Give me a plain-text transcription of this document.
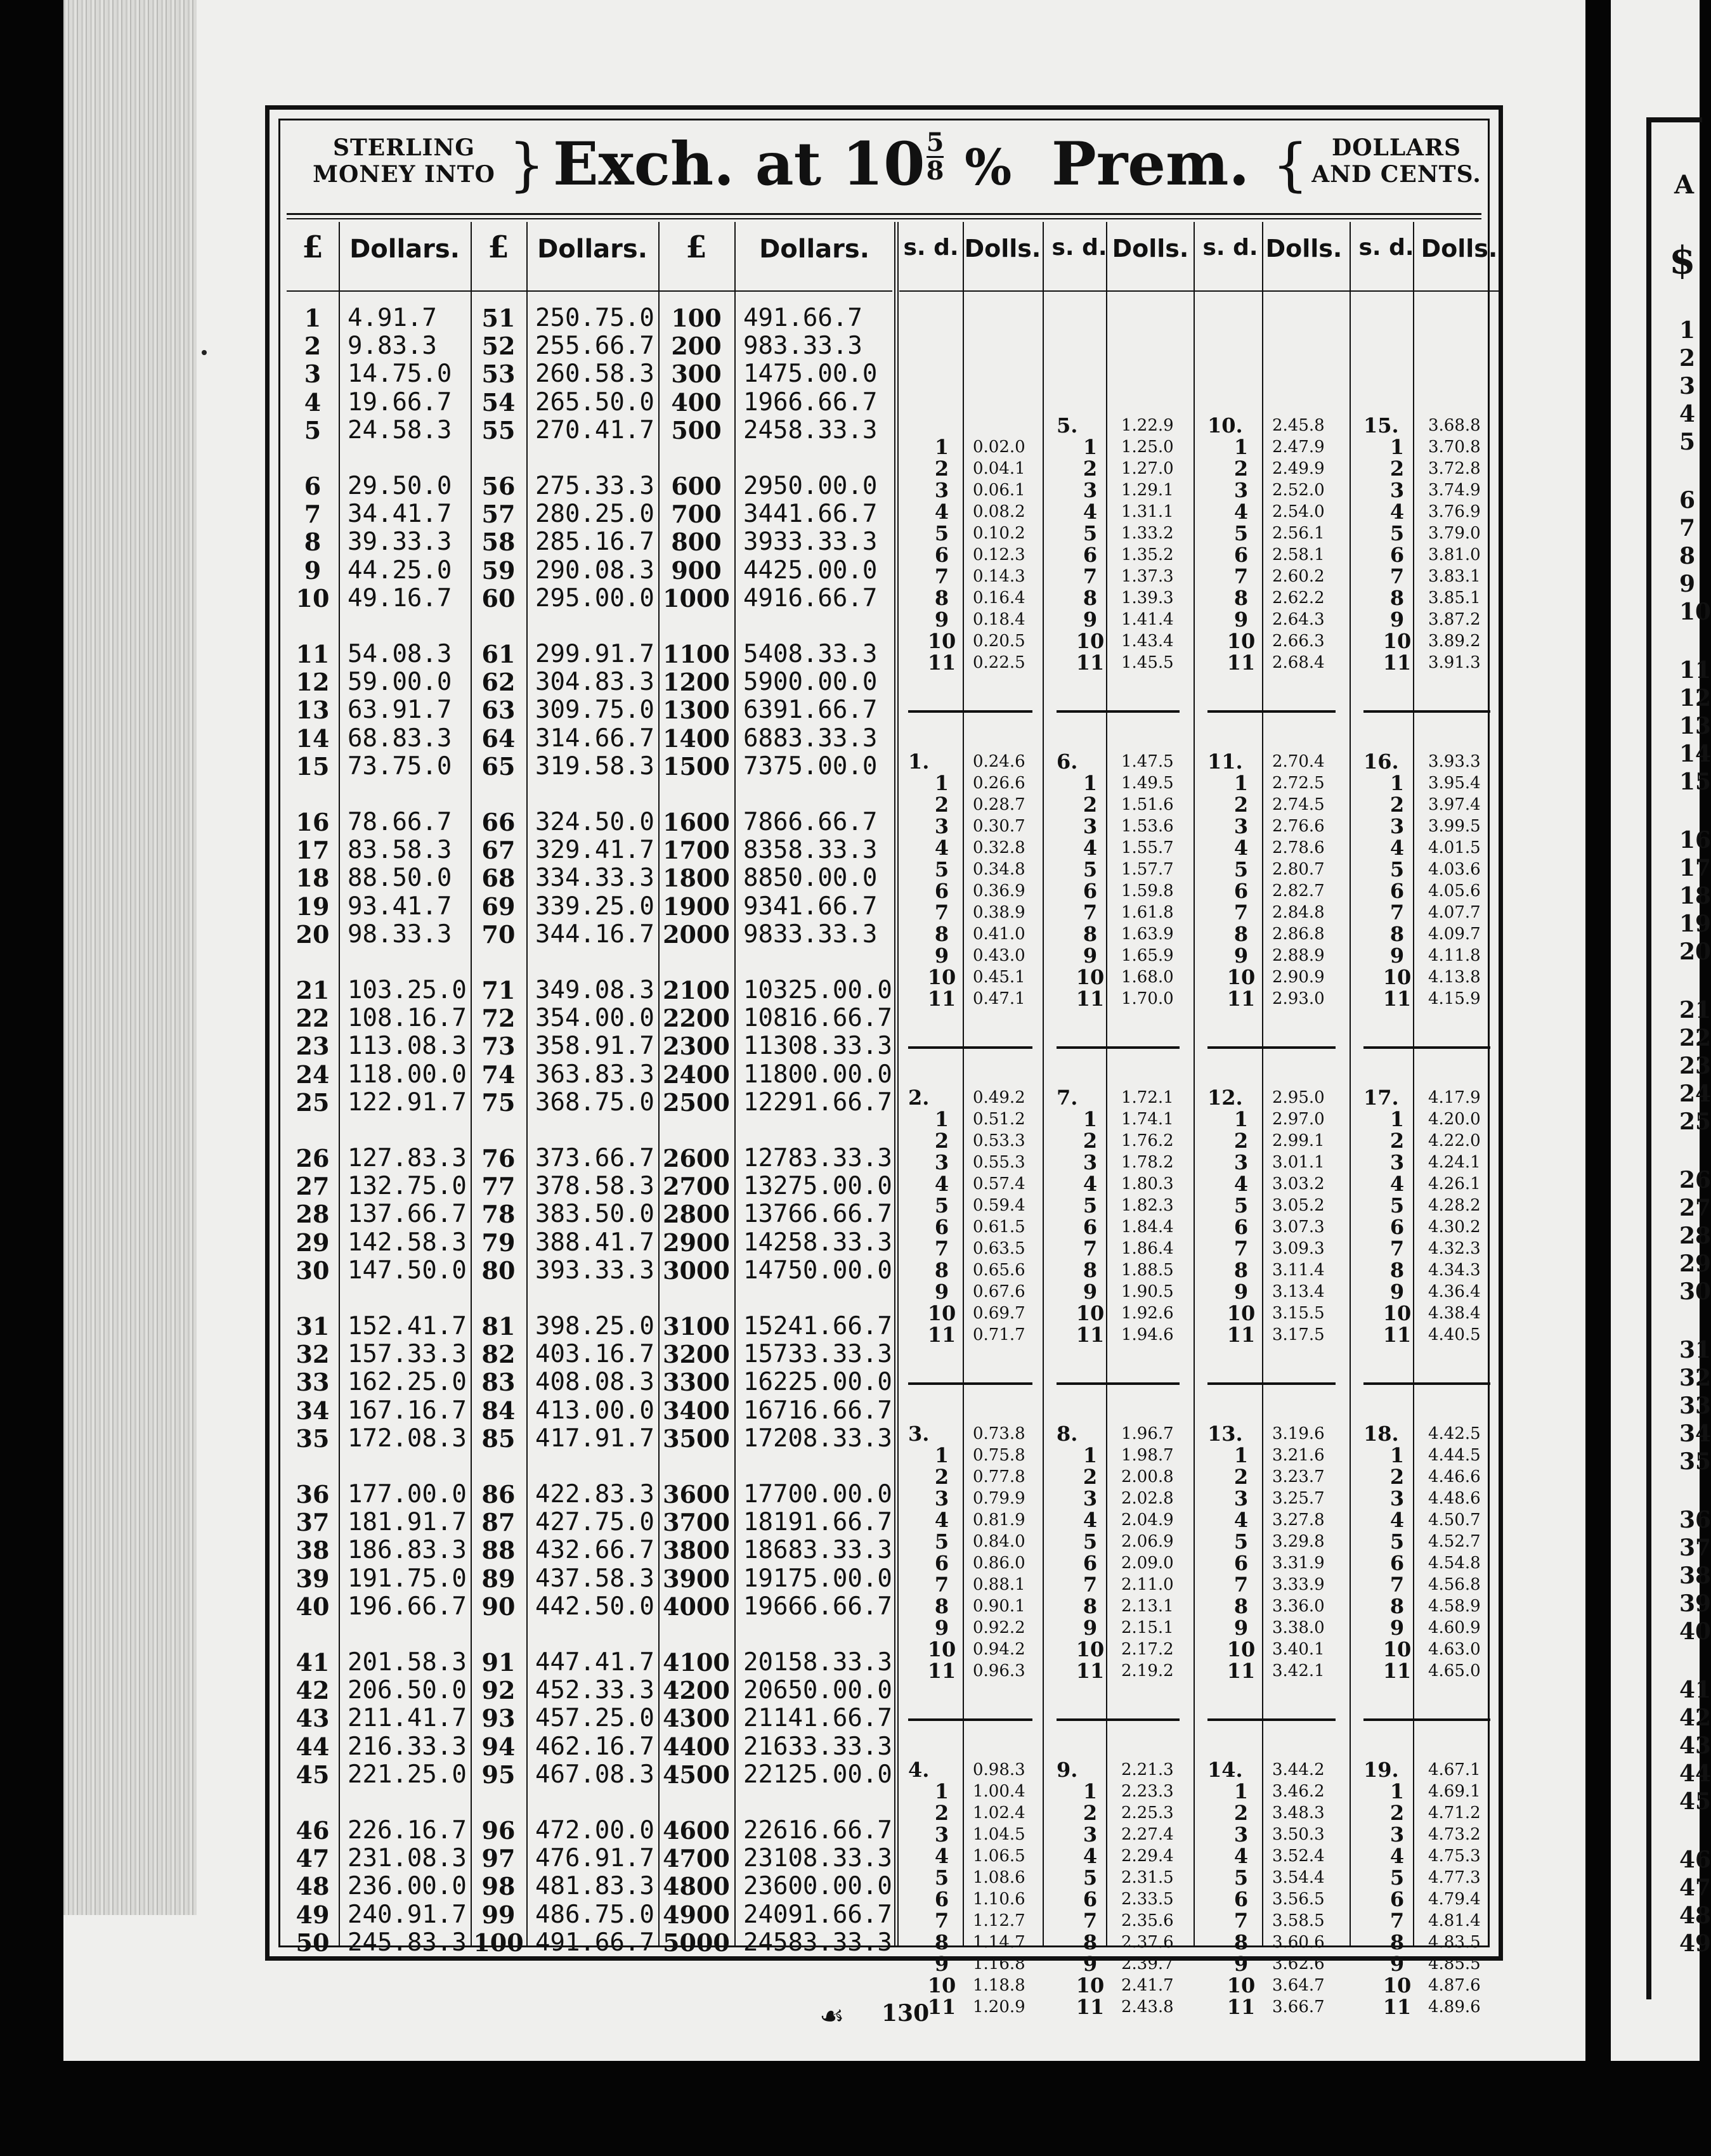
A
$
1
2
3
4
5
6
7
8
9
10
11
12
13
14
15
16
17
18
19
20
21
22
23
24
25
26
27
28
29
30
31
32
33
34
35
36
37
38
39
40
41
42
43
44
45
46
47
48
49
STERLING
MONEY INTO } Exch. at $10 \frac{5}{8}$ % Prem. {	DOLLARS
AND CENTS.
£	Dollars. £	Dollars.	£	Dollars.
1	4.91.7	51 250.75.0 100 491.66.7
2	9.83.3	52 255.66.7 200 983.33.3
3	14.75.0	53 260.58.3 300 1475.00.0
4	19.66.7	54 265.50.0 400 1966.66.7
5	24.58.3	55 270.41.7 500 2458.33.3
6	29.50.0	56 275.33.3 600 2950.00.0
7	34.41.7	57 280.25.0 700 3441.66.7
8	39.33.3	58 285.16.7 800 3933.33.3
9	44.25.0	59 290.08.3 900 4425.00.0
10 49.16.7	60 295.00.0 1000 4916.66.7
11 54.08.3	61 299.91.7 1100 5408.33.3
12 59.00.0	62 304.83.3 1200 5900.00.0
13 63.91.7	63 309.75.0 1300 6391.66.7
14 68.83.3	64 314.66.7 1400 6883.33.3
15 73.75.0	65 319.58.3 1500 7375.00.0
16 78.66.7	66 324.50.0 1600 7866.66.7
17 83.58.3	67 329.41.7 1700 8358.33.3
18 88.50.0	68 334.33.3 1800 8850.00.0
19 93.41.7	69 339.25.0 1900 9341.66.7
20 98.33.3	70 344.16.7 2000 9833.33.3
21 103.25.0 71 349.08.3 2100 10325.00.0
22 108.16.7 72 354.00.0 2200 10816.66.7
23 113.08.3 73 358.91.7 2300 11308.33.3
24 118.00.0 74 363.83.3 2400 11800.00.0
25 122.91.7 75 368.75.0 2500 12291.66.7
26 127.83.3 76 373.66.7 2600 12783.33.3
27 132.75.0 77 378.58.3 2700 13275.00.0
28 137.66.7 78 383.50.0 2800 13766.66.7
29 142.58.3 79 388.41.7 2900 14258.33.3
30 147.50.0 80 393.33.3 3000 14750.00.0
31 152.41.7 81 398.25.0 3100 15241.66.7
32 157.33.3 82 403.16.7 3200 15733.33.3
33 162.25.0 83 408.08.3 3300 16225.00.0
34 167.16.7 84 413.00.0 3400 16716.66.7
35 172.08.3 85 417.91.7 3500 17208.33.3
36 177.00.0 86 422.83.3 3600 17700.00.0
37 181.91.7 87 427.75.0 3700 18191.66.7
38 186.83.3 88 432.66.7 3800 18683.33.3
39 191.75.0 89 437.58.3 3900 19175.00.0
40 196.66.7 90 442.50.0 4000 19666.66.7
41 201.58.3 91 447.41.7 4100 20158.33.3
42 206.50.0 92 452.33.3 4200 20650.00.0
43 211.41.7 93 457.25.0 4300 21141.66.7
44 216.33.3 94 462.16.7 4400 21633.33.3
45 221.25.0 95 467.08.3 4500 22125.00.0
46 226.16.7 96 472.00.0 4600 22616.66.7
47 231.08.3 97 476.91.7 4700 23108.33.3
48 236.00.0 98 481.83.3 4800 23600.00.0
49 240.91.7 99 486.75.0 4900 24091.66.7
50 245.83.3 100 491.66.7 5000 24583.33.3
s. d. Dolls. s. d. Dolls. s. d. Dolls. s. d. Dolls.
1	0.02.0
2	0.04.1
3	0.06.1
4	0.08.2
5	0.10.2
6	0.12.3
7	0.14.3
8	0.16.4
9	0.18.4
10 0.20.5
11 0.22.5
5.	1.22.9
1	1.25.0
2	1.27.0
3	1.29.1
4	1.31.1
5	1.33.2
6	1.35.2
7	1.37.3
8	1.39.3
9	1.41.4
10 1.43.4
11 1.45.5
10. 2.45.8
1	2.47.9
2	2.49.9
3	2.52.0
4	2.54.0
5	2.56.1
6	2.58.1
7	2.60.2
8	2.62.2
9	2.64.3
10 2.66.3
11 2.68.4
15. 3.68.8
1	3.70.8
2	3.72.8
3	3.74.9
4	3.76.9
5	3.79.0
6	3.81.0
7	3.83.1
8	3.85.1
9	3.87.2
10 3.89.2
11 3.91.3
1.	0.24.6
1	0.26.6
2	0.28.7
3	0.30.7
4	0.32.8
5	0.34.8
6	0.36.9
7	0.38.9
8	0.41.0
9	0.43.0
10 0.45.1
11 0.47.1
6.	1.47.5
1	1.49.5
2	1.51.6
3	1.53.6
4	1.55.7
5	1.57.7
6	1.59.8
7	1.61.8
8	1.63.9
9	1.65.9
10 1.68.0
11 1.70.0
11. 2.70.4
1	2.72.5
2	2.74.5
3	2.76.6
4	2.78.6
5	2.80.7
6	2.82.7
7	2.84.8
8	2.86.8
9	2.88.9
10 2.90.9
11 2.93.0
16. 3.93.3
1	3.95.4
2	3.97.4
3	3.99.5
4	4.01.5
5	4.03.6
6	4.05.6
7	4.07.7
8	4.09.7
9	4.11.8
10 4.13.8
11 4.15.9
2.	0.49.2
1	0.51.2
2	0.53.3
3	0.55.3
4	0.57.4
5	0.59.4
6	0.61.5
7	0.63.5
8	0.65.6
9	0.67.6
10 0.69.7
11 0.71.7
7.	1.72.1
1	1.74.1
2	1.76.2
3	1.78.2
4	1.80.3
5	1.82.3
6	1.84.4
7	1.86.4
8	1.88.5
9	1.90.5
10 1.92.6
11 1.94.6
12. 2.95.0
1	2.97.0
2	2.99.1
3	3.01.1
4	3.03.2
5	3.05.2
6	3.07.3
7	3.09.3
8	3.11.4
9	3.13.4
10 3.15.5
11 3.17.5
17. 4.17.9
1	4.20.0
2	4.22.0
3	4.24.1
4	4.26.1
5	4.28.2
6	4.30.2
7	4.32.3
8	4.34.3
9	4.36.4
10 4.38.4
11 4.40.5
3.	0.73.8
1	0.75.8
2	0.77.8
3	0.79.9
4	0.81.9
5	0.84.0
6	0.86.0
7	0.88.1
8	0.90.1
9	0.92.2
10 0.94.2
11 0.96.3
8.	1.96.7
1	1.98.7
2	2.00.8
3	2.02.8
4	2.04.9
5	2.06.9
6	2.09.0
7	2.11.0
8	2.13.1
9	2.15.1
10 2.17.2
11 2.19.2
13. 3.19.6
1	3.21.6
2	3.23.7
3	3.25.7
4	3.27.8
5	3.29.8
6	3.31.9
7	3.33.9
8	3.36.0
9	3.38.0
10 3.40.1
11 3.42.1
18. 4.42.5
1	4.44.5
2	4.46.6
3	4.48.6
4	4.50.7
5	4.52.7
6	4.54.8
7	4.56.8
8	4.58.9
9	4.60.9
10 4.63.0
11 4.65.0
4.	0.98.3
1	1.00.4
2	1.02.4
3	1.04.5
4	1.06.5
5	1.08.6
6	1.10.6
7	1.12.7
8	1.14.7
9	1.16.8
10 1.18.8
11 1.20.9
9.	2.21.3
1	2.23.3
2	2.25.3
3	2.27.4
4	2.29.4
5	2.31.5
6	2.33.5
7	2.35.6
8	2.37.6
9	2.39.7
10 2.41.7
11 2.43.8
14. 3.44.2
1	3.46.2
2	3.48.3
3	3.50.3
4	3.52.4
5	3.54.4
6	3.56.5
7	3.58.5
8	3.60.6
9	3.62.6
10 3.64.7
11 3.66.7
19. 4.67.1
1	4.69.1
2	4.71.2
3	4.73.2
4	4.75.3
5	4.77.3
6	4.79.4
7	4.81.4
8	4.83.5
9	4.85.5
10 4.87.6
11 4.89.6
☙ 130
